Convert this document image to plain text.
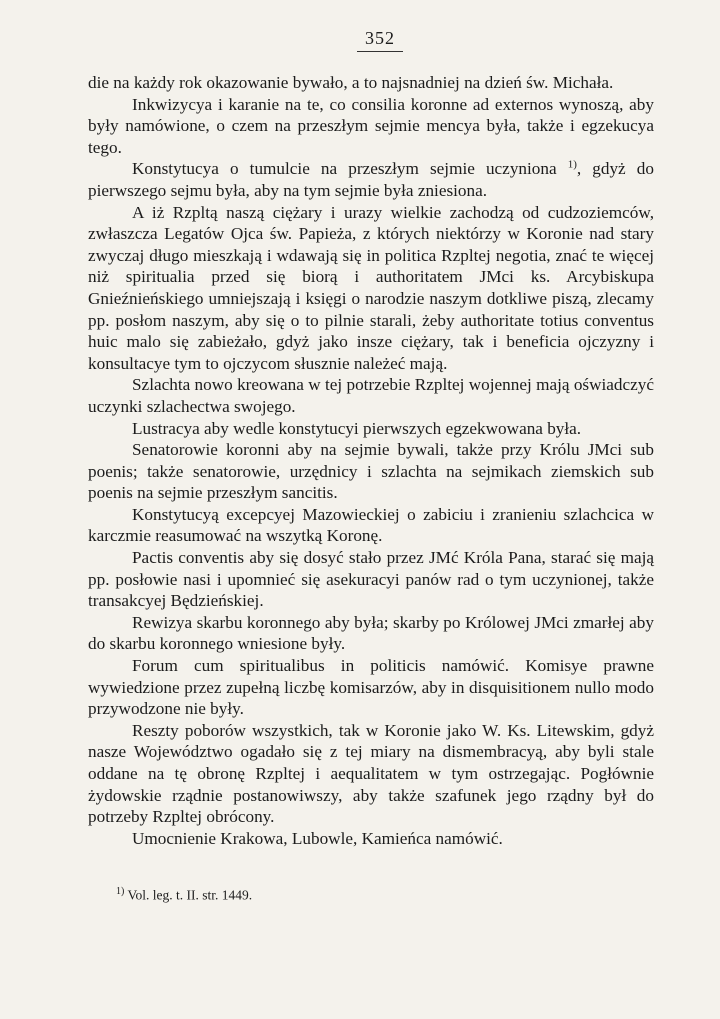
352

die na każdy rok okazowanie bywało, a to najsnadniej na dzień św. Michała.

Inkwizycya i karanie na te, co consilia koronne ad externos wynoszą, aby były namówione, o czem na przeszłym sejmie mencya była, także i egzekucya tego.

Konstytucya o tumulcie na przeszłym sejmie uczyniona $^{1)}$, gdyż do pierwszego sejmu była, aby na tym sejmie była zniesiona.

A iż Rzpltą naszą ciężary i urazy wielkie zachodzą od cudzoziemców, zwłaszcza Legatów Ojca św. Papieża, z których niektórzy w Koronie nad stary zwyczaj długo mieszkają i wdawają się in politica Rzpltej negotia, znać te więcej niż spiritualia przed się biorą i authoritatem JMci ks. Arcybiskupa Gnieźnieńskiego umniejszają i księgi o narodzie naszym dotkliwe piszą, zlecamy pp. posłom naszym, aby się o to pilnie starali, żeby authoritate totius conventus huic malo się zabieżało, gdyż jako insze ciężary, tak i beneficia ojczyzny i konsultacye tym to ojczycom słusznie należeć mają.

Szlachta nowo kreowana w tej potrzebie Rzpltej wojennej mają oświadczyć uczynki szlachectwa swojego.

Lustracya aby wedle konstytucyi pierwszych egzekwowana była.

Senatorowie koronni aby na sejmie bywali, także przy Królu JMci sub poenis; także senatorowie, urzędnicy i szlachta na sejmikach ziemskich sub poenis na sejmie przeszłym sancitis.

Konstytucyą excepcyej Mazowieckiej o zabiciu i zranieniu szlachcica w karczmie reasumować na wszytką Koronę.

Pactis conventis aby się dosyć stało przez JMć Króla Pana, starać się mają pp. posłowie nasi i upomnieć się asekuracyi panów rad o tym uczynionej, także transakcyej Będzieńskiej.

Rewizya skarbu koronnego aby była; skarby po Królowej JMci zmarłej aby do skarbu koronnego wniesione były.

Forum cum spiritualibus in politicis namówić. Komisye prawne wywiedzione przez zupełną liczbę komisarzów, aby in disquisitionem nullo modo przywodzone nie były.

Reszty poborów wszystkich, tak w Koronie jako W. Ks. Litewskim, gdyż nasze Województwo ogadało się z tej miary na dismembracyą, aby byli stale oddane na tę obronę Rzpltej i aequalitatem w tym ostrzegając. Pogłównie żydowskie rządnie postanowiwszy, aby także szafunek jego rządny był do potrzeby Rzpltej obrócony.

Umocnienie Krakowa, Lubowle, Kamieńca namówić.

$^{1)}$ Vol. leg. t. II. str. 1449.
